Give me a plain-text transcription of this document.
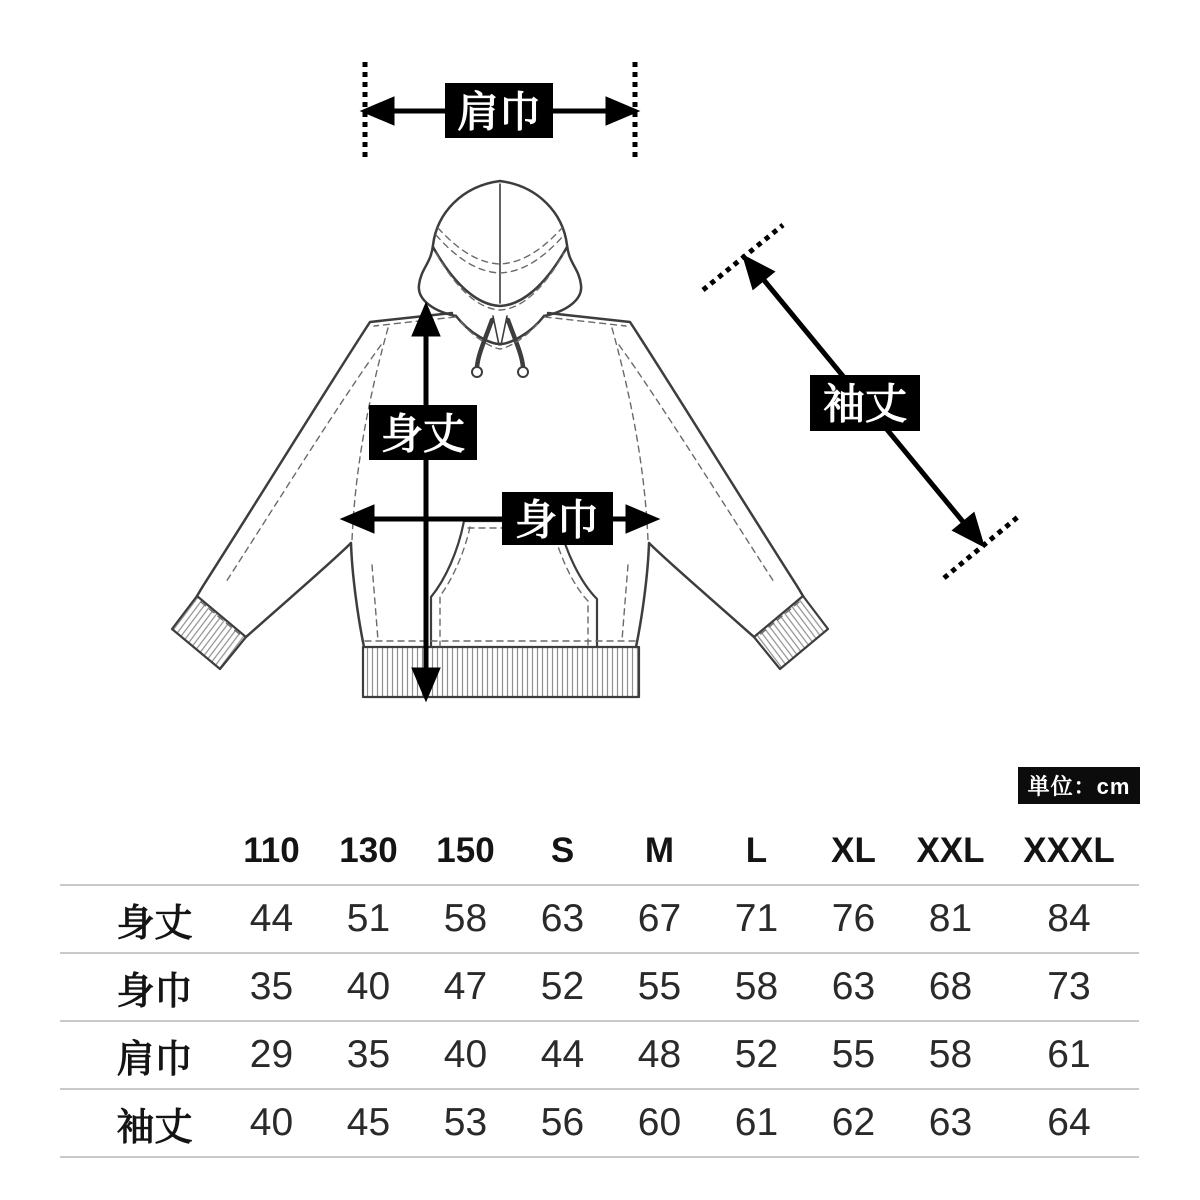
肩巾
身丈
身巾
袖丈
単位：cm
110	130	150	S	M	L	XL	XXL	XXXL
身丈	44	51	58	63	67	71	76	81	84
身巾	35	40	47	52	55	58	63	68	73
肩巾	29	35	40	44	48	52	55	58	61
袖丈	40	45	53	56	60	61	62	63	64
